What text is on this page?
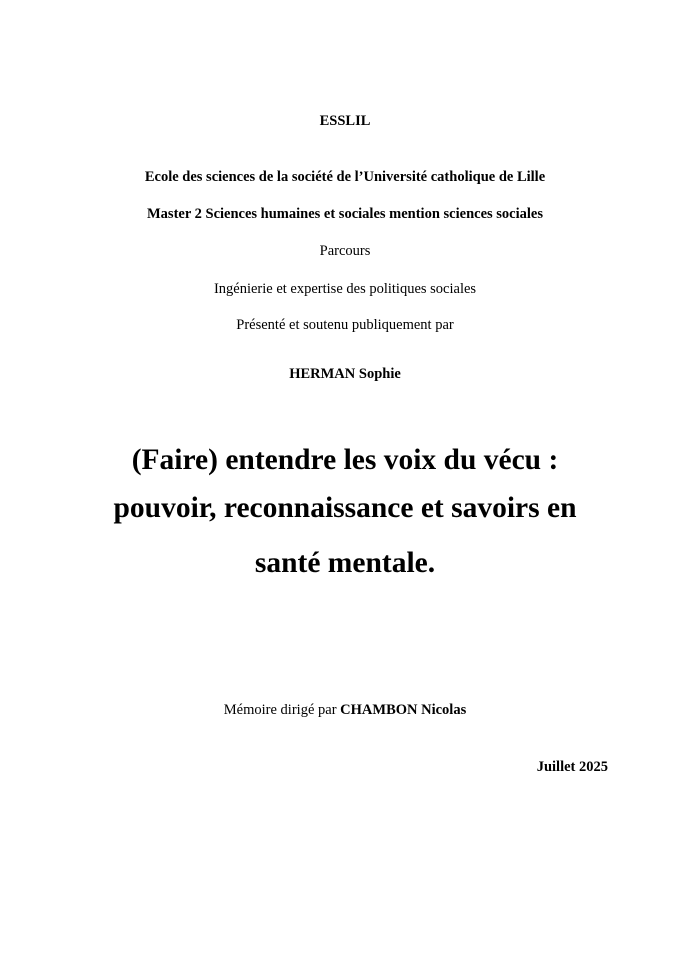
ESSLIL
Ecole des sciences de la société de l’Université catholique de Lille
Master 2 Sciences humaines et sociales mention sciences sociales
Parcours
Ingénierie et expertise des politiques sociales
Présenté et soutenu publiquement par
HERMAN Sophie
(Faire) entendre les voix du vécu :
pouvoir, reconnaissance et savoirs en
santé mentale.
Mémoire dirigé par CHAMBON Nicolas
Juillet 2025
